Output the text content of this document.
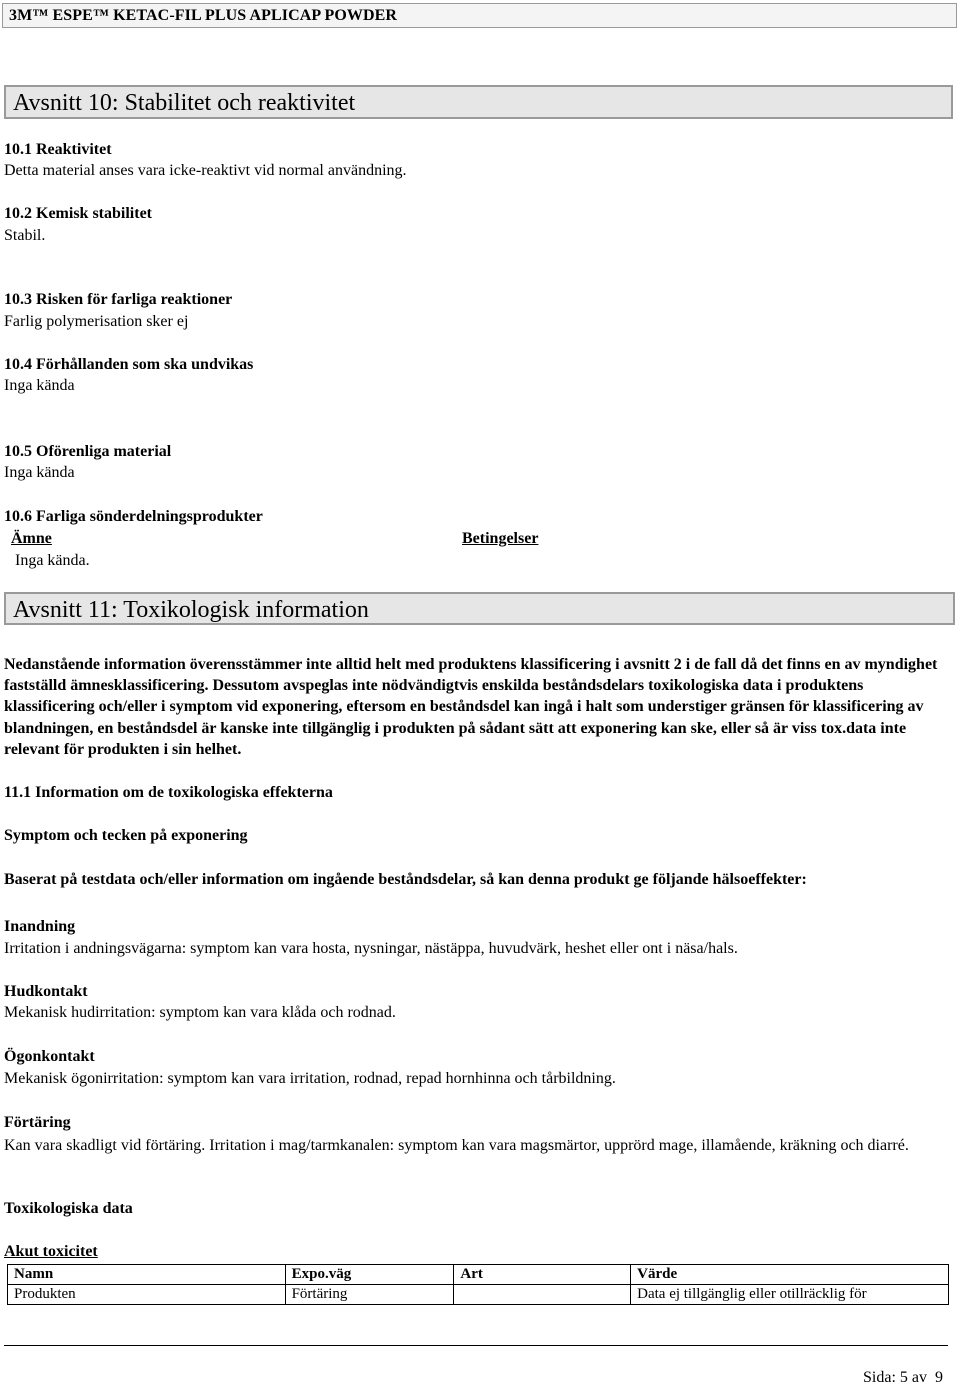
3M™ ESPE™ KETAC-FIL PLUS APLICAP POWDER
Avsnitt 10: Stabilitet och reaktivitet
10.1 Reaktivitet
Detta material anses vara icke-reaktivt vid normal användning.
10.2 Kemisk stabilitet
Stabil.
10.3 Risken för farliga reaktioner
Farlig polymerisation sker ej
10.4 Förhållanden som ska undvikas
Inga kända
10.5 Oförenliga material
Inga kända
10.6 Farliga sönderdelningsprodukter
Ämne	Betingelser
Inga kända.
Avsnitt 11: Toxikologisk information
Nedanstående information överensstämmer inte alltid helt med produktens klassificering i avsnitt 2 i de fall då det finns en av myndighet fastställd ämnesklassificering. Dessutom avspeglas inte nödvändigtvis enskilda beståndsdelars toxikologiska data i produktens klassificering och/eller i symptom vid exponering, eftersom en beståndsdel kan ingå i halt som understiger gränsen för klassificering av blandningen, en beståndsdel är kanske inte tillgänglig i produkten på sådant sätt att exponering kan ske, eller så är viss tox.data inte relevant för produkten i sin helhet.
11.1 Information om de toxikologiska effekterna
Symptom och tecken på exponering
Baserat på testdata och/eller information om ingående beståndsdelar, så kan denna produkt ge följande hälsoeffekter:
Inandning
Irritation i andningsvägarna: symptom kan vara hosta, nysningar, nästäppa, huvudvärk, heshet eller ont i näsa/hals.
Hudkontakt
Mekanisk hudirritation: symptom kan vara klåda och rodnad.
Ögonkontakt
Mekanisk ögonirritation: symptom kan vara irritation, rodnad, repad hornhinna och tårbildning.
Förtäring
Kan vara skadligt vid förtäring. Irritation i mag/tarmkanalen: symptom kan vara magsmärtor, upprörd mage, illamående, kräkning och diarré.
Toxikologiska data
Akut toxicitet
Namn	Expo.väg	Art	Värde
Produkten	Förtäring		Data ej tillgänglig eller otillräcklig för
Sida: 5 av  9
